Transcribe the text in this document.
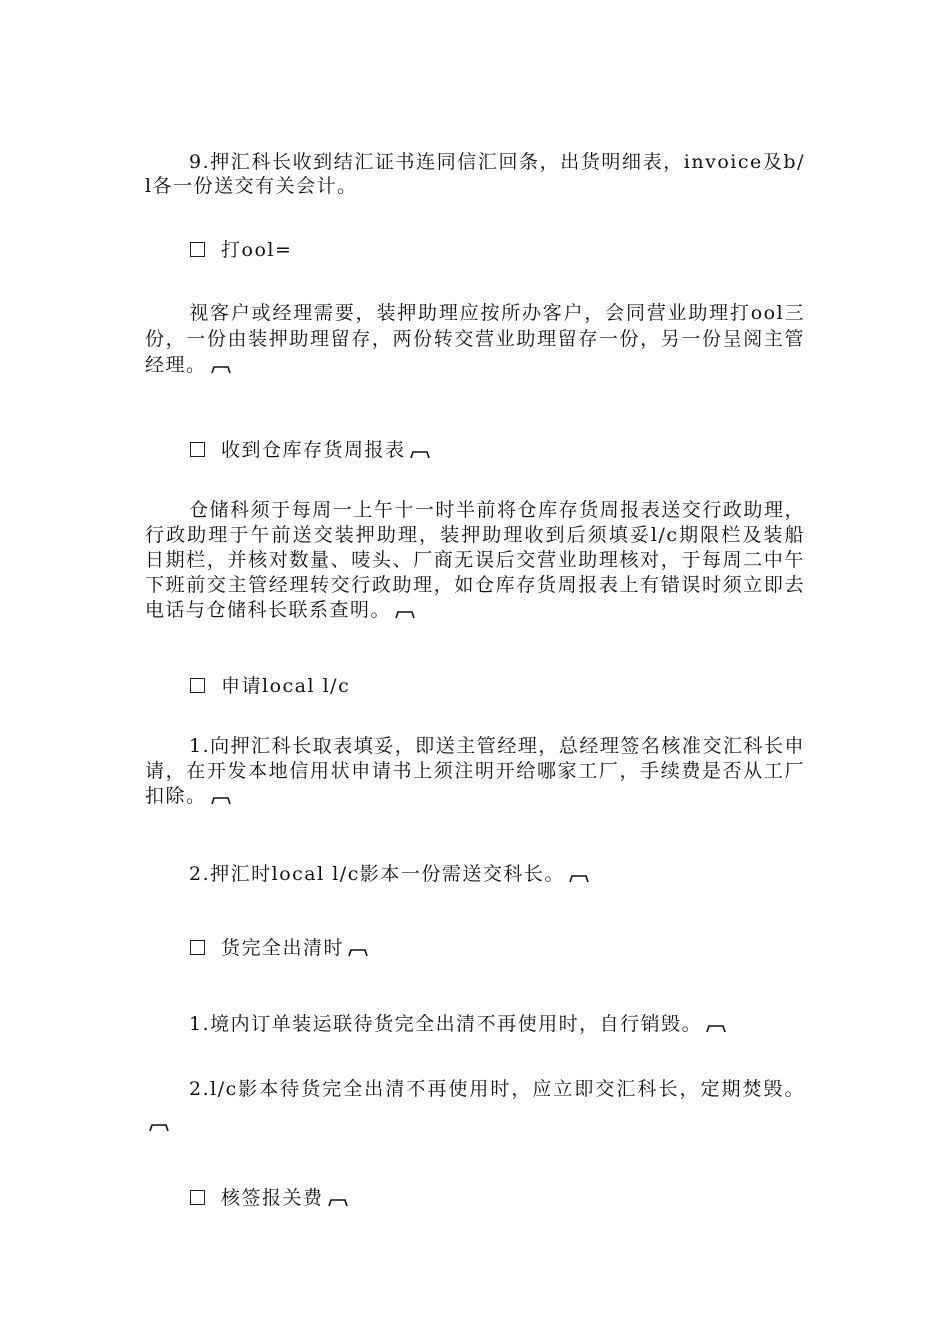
9.押汇科长收到结汇证书连同信汇回条，出货明细表，invoice及b/l各一份送交有关会计。
打ool=
视客户或经理需要，装押助理应按所办客户，会同营业助理打ool三份，一份由装押助理留存，两份转交营业助理留存一份，另一份呈阅主管经理。
收到仓库存货周报表
仓储科须于每周一上午十一时半前将仓库存货周报表送交行政助理，行政助理于午前送交装押助理，装押助理收到后须填妥l/c期限栏及装船日期栏，并核对数量、唛头、厂商无误后交营业助理核对，于每周二中午下班前交主管经理转交行政助理，如仓库存货周报表上有错误时须立即去电话与仓储科长联系查明。
申请local l/c
1.向押汇科长取表填妥，即送主管经理，总经理签名核准交汇科长申请，在开发本地信用状申请书上须注明开给哪家工厂，手续费是否从工厂扣除。
2.押汇时local l/c影本一份需送交科长。
货完全出清时
1.境内订单装运联待货完全出清不再使用时，自行销毁。
2.l/c影本待货完全出清不再使用时，应立即交汇科长，定期焚毁。
核签报关费
